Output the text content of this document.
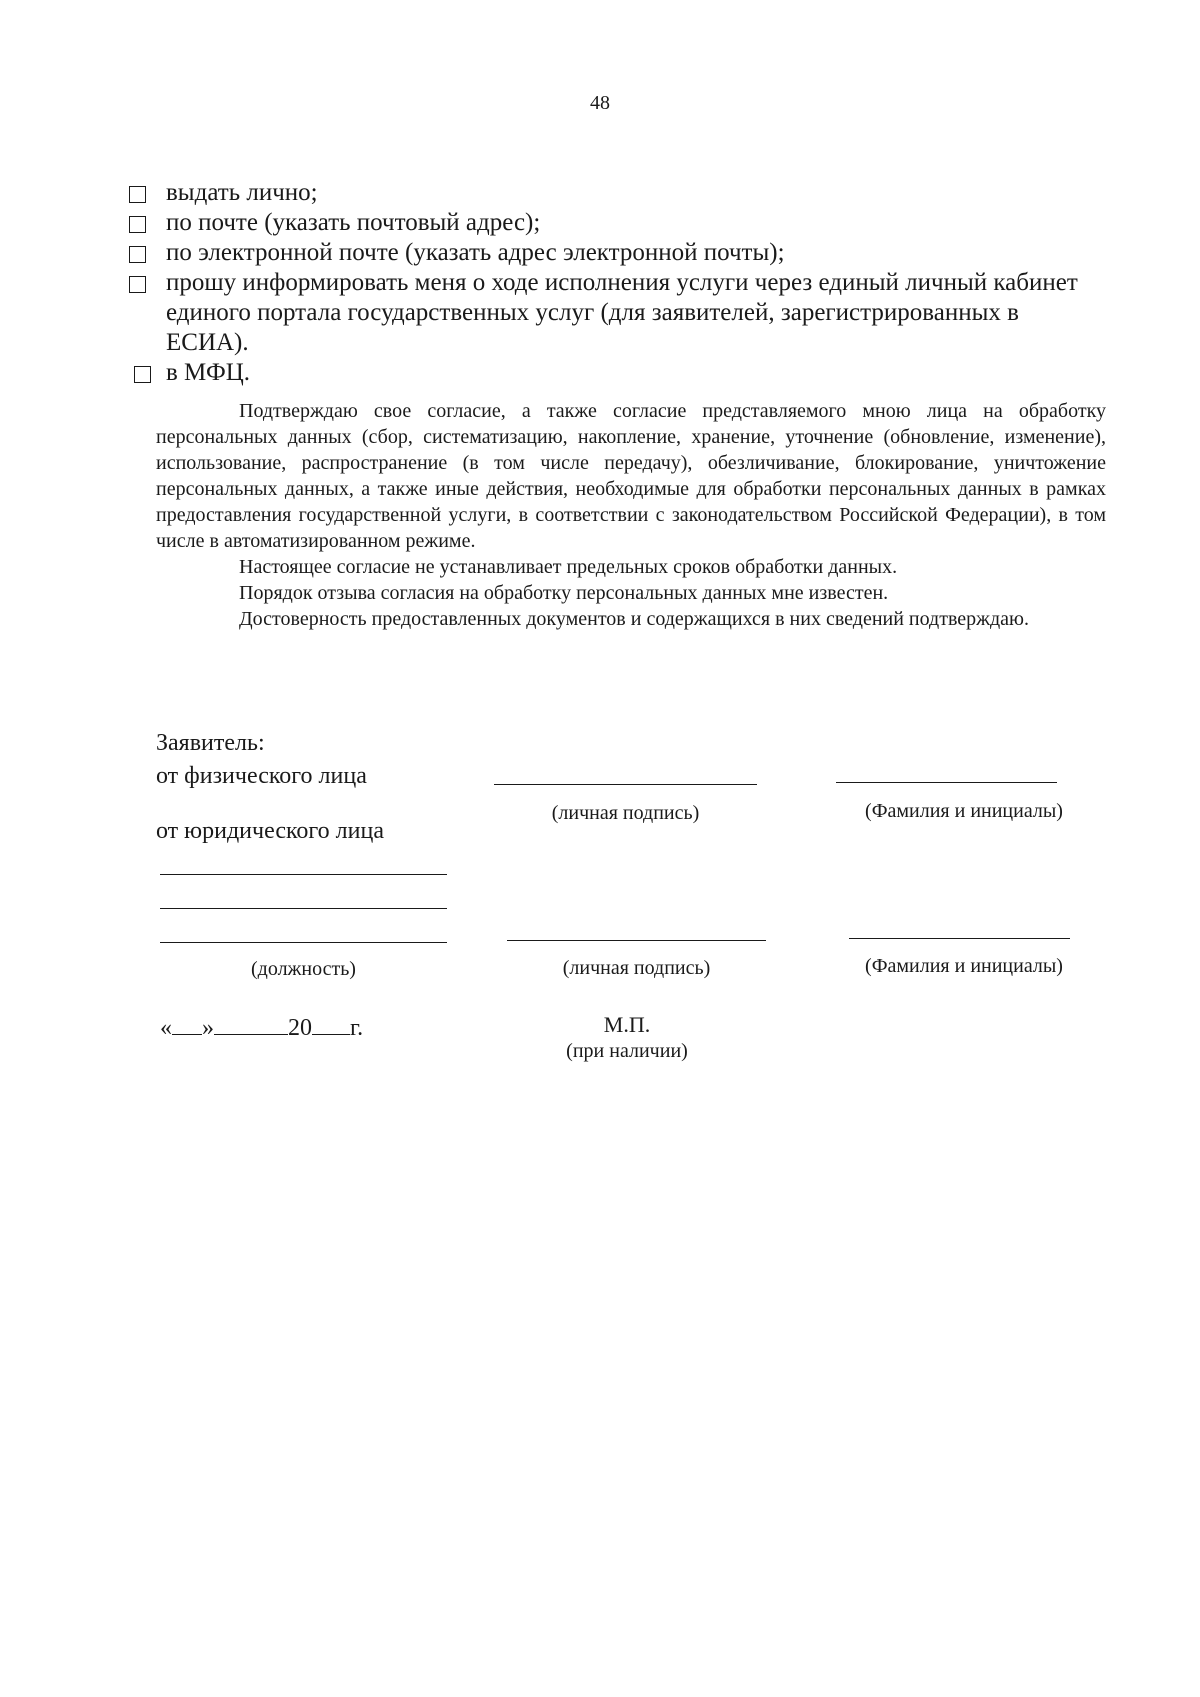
48
выдать лично;
по почте (указать почтовый адрес);
по электронной почте (указать адрес электронной почты);
прошу информировать меня о ходе исполнения услуги через единый личный кабинет единого портала государственных услуг (для заявителей, зарегистрированных в ЕСИА).
в МФЦ.

Подтверждаю свое согласие, а также согласие представляемого мною лица на обработку персональных данных (сбор, систематизацию, накопление, хранение, уточнение (обновление, изменение), использование, распространение (в том числе передачу), обезличивание, блокирование, уничтожение персональных данных, а также иные действия, необходимые для обработки персональных данных в рамках предоставления государственной услуги, в соответствии с законодательством Российской Федерации), в том числе в автоматизированном режиме.

Настоящее согласие не устанавливает предельных сроков обработки данных.

Порядок отзыва согласия на обработку персональных данных мне известен.

Достоверность предоставленных документов и содержащихся в них сведений подтверждаю.

Заявитель:
от физического лица
(личная подпись)	(Фамилия и инициалы)
от юридического лица
(должность)	(личная подпись)	(Фамилия и инициалы)
« »	20 г.	М.П.
(при наличии)
